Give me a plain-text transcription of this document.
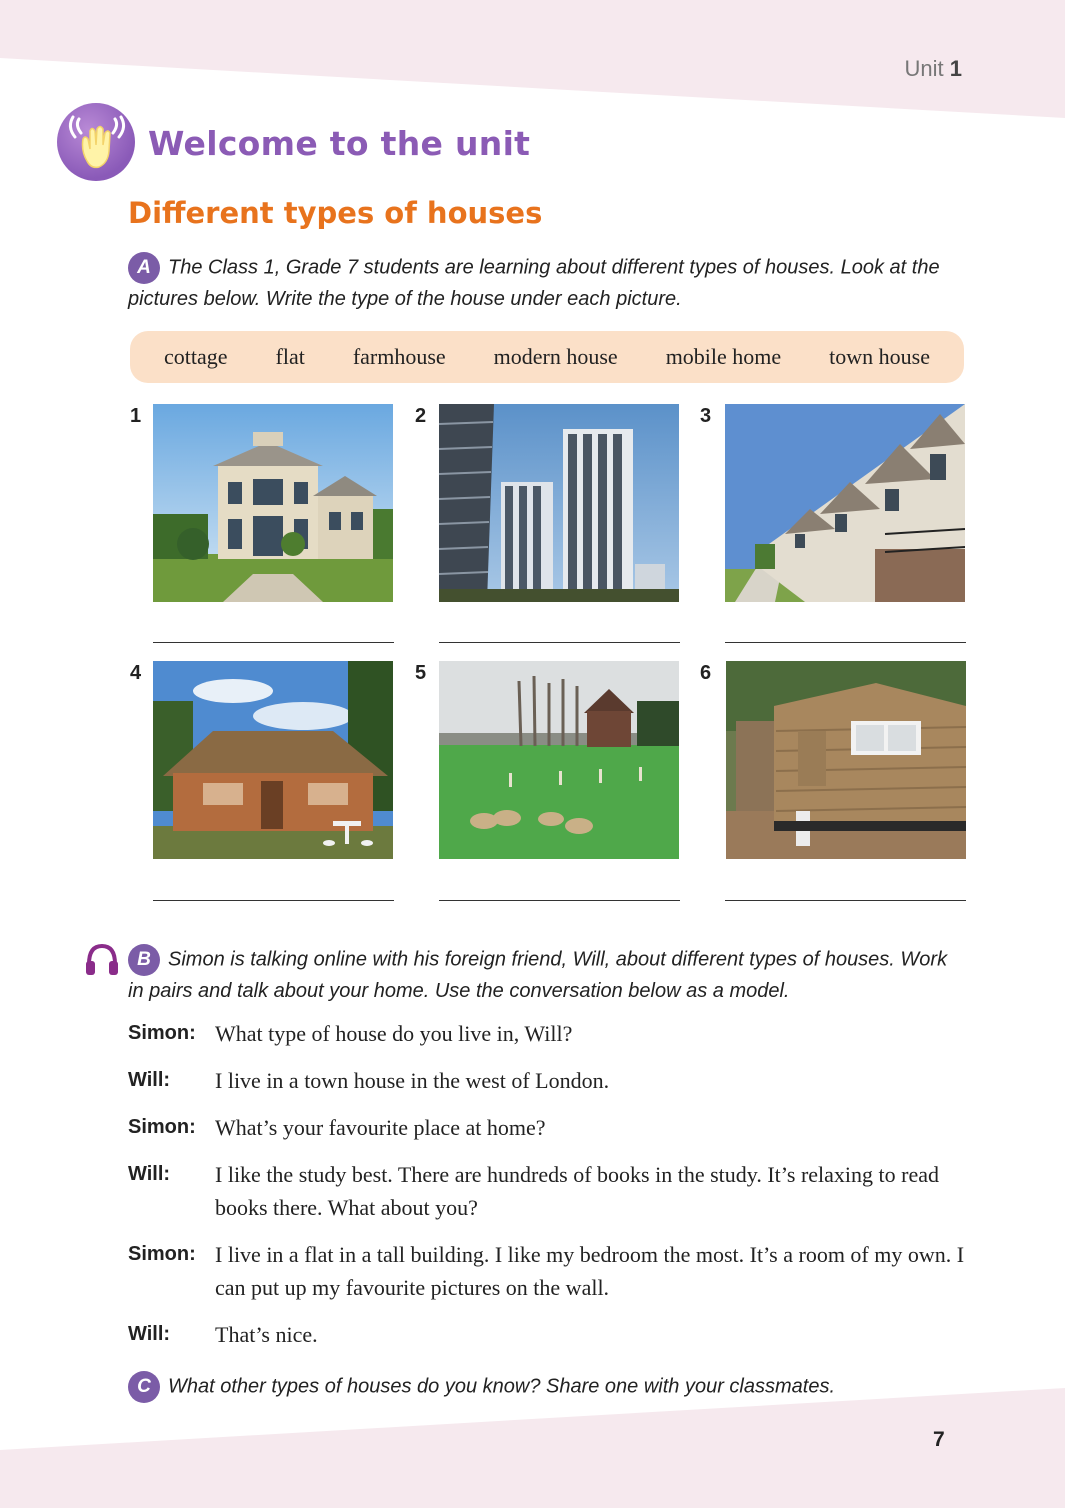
Unit 1
Welcome to the unit
Different types of houses
A The Class 1, Grade 7 students are learning about different types of houses. Look at the pictures below. Write the type of the house under each picture.
cottage flat farmhouse modern house mobile home town house
1	2	3
4	5	6
B Simon is talking online with his foreign friend, Will, about different types of houses. Work in pairs and talk about your home. Use the conversation below as a model.
Simon: What type of house do you live in, Will?
Will:	I live in a town house in the west of London.
Simon: What’s your favourite place at home?
Will:	I like the study best. There are hundreds of books in the study. It’s relaxing to read books there. What about you?
Simon: I live in a flat in a tall building. I like my bedroom the most. It’s a room of my own. I can put up my favourite pictures on the wall.
Will:	That’s nice.
C What other types of houses do you know? Share one with your classmates.
7
